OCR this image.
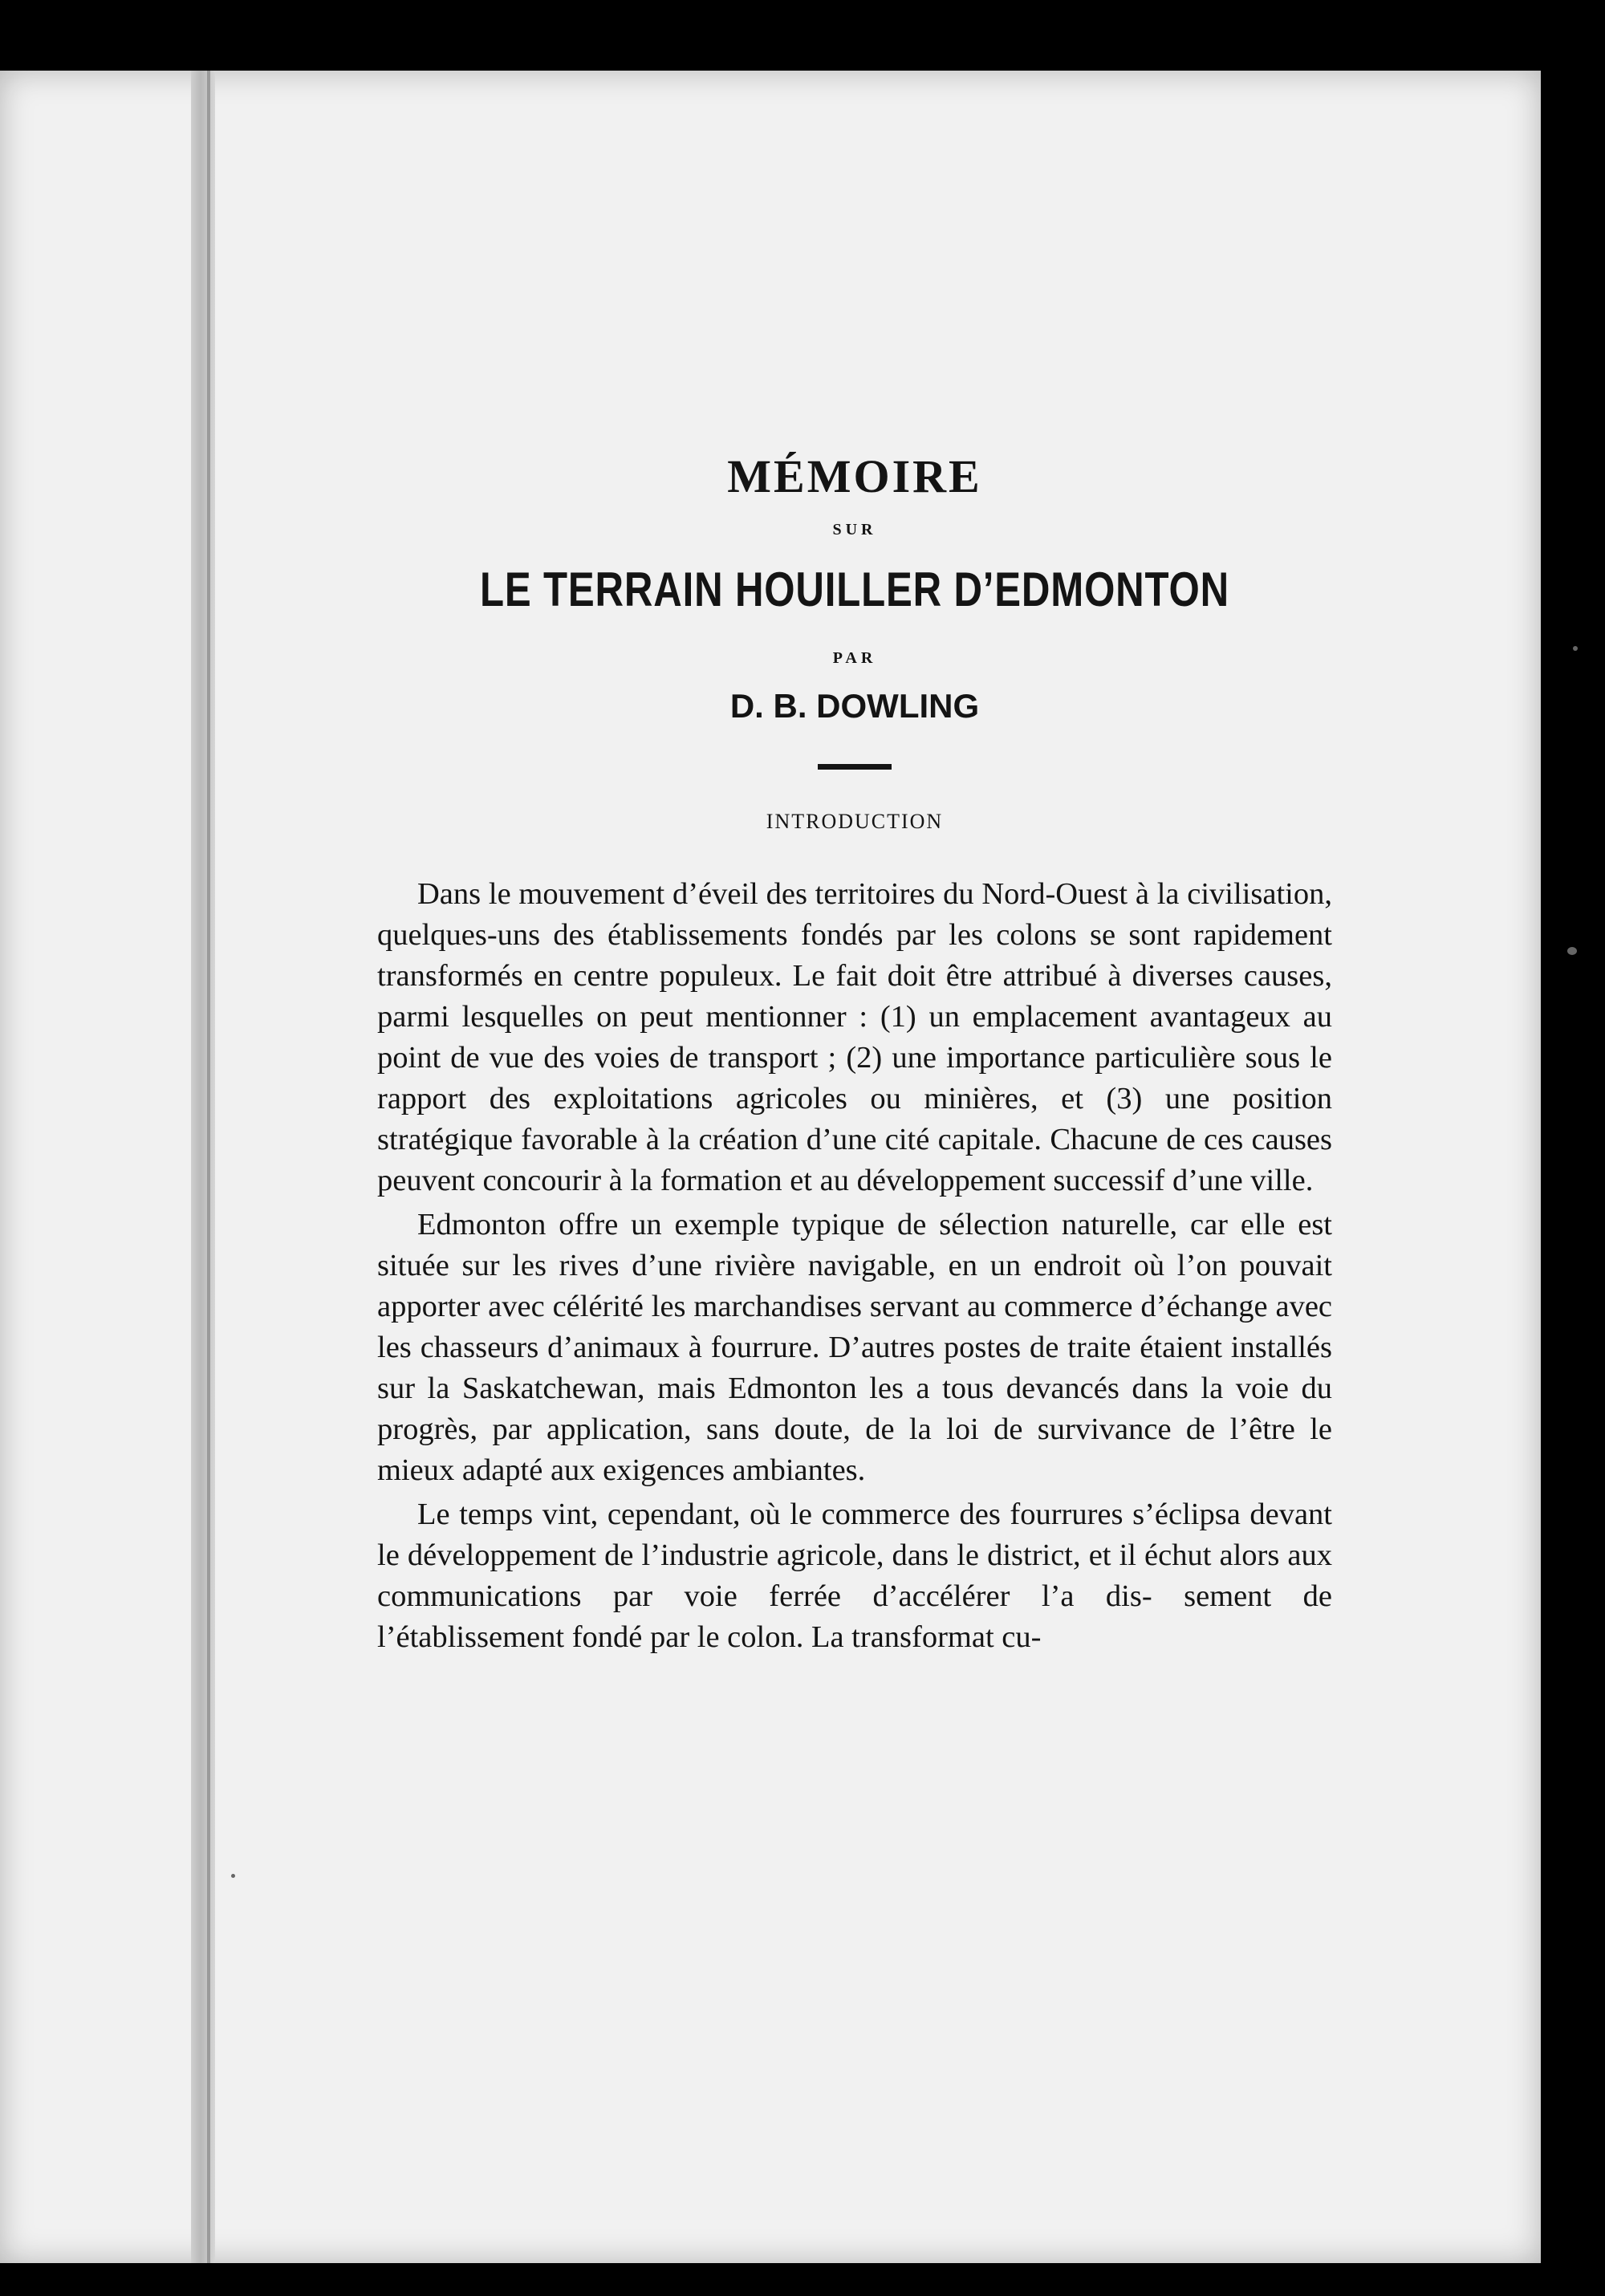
MÉMOIRE

SUR

LE TERRAIN HOUILLER D’EDMONTON

PAR

D. B. DOWLING

INTRODUCTION

Dans le mouvement d’éveil des territoires du Nord-Ouest à la civilisation, quelques-uns des établissements fondés par les colons se sont rapidement transformés en centre populeux. Le fait doit être attribué à diverses causes, parmi lesquelles on peut mentionner : (1) un emplacement avantageux au point de vue des voies de transport ; (2) une importance particulière sous le rapport des exploitations agricoles ou minières, et (3) une position stratégique favorable à la création d’une cité capitale. Chacune de ces causes peuvent concourir à la formation et au développement successif d’une ville.

Edmonton offre un exemple typique de sélection naturelle, car elle est située sur les rives d’une rivière navigable, en un endroit où l’on pouvait apporter avec célérité les marchandises servant au commerce d’échange avec les chasseurs d’animaux à fourrure. D’autres postes de traite étaient installés sur la Saskatchewan, mais Edmonton les a tous devancés dans la voie du progrès, par application, sans doute, de la loi de survivance de l’être le mieux adapté aux exigences ambiantes.

Le temps vint, cependant, où le commerce des fourrures s’éclipsa devant le développement de l’industrie agricole, dans le district, et il échut alors aux communications par voie ferrée d’accélérer l’a dis- sement de l’établissement fondé par le colon. La transformat cu-
